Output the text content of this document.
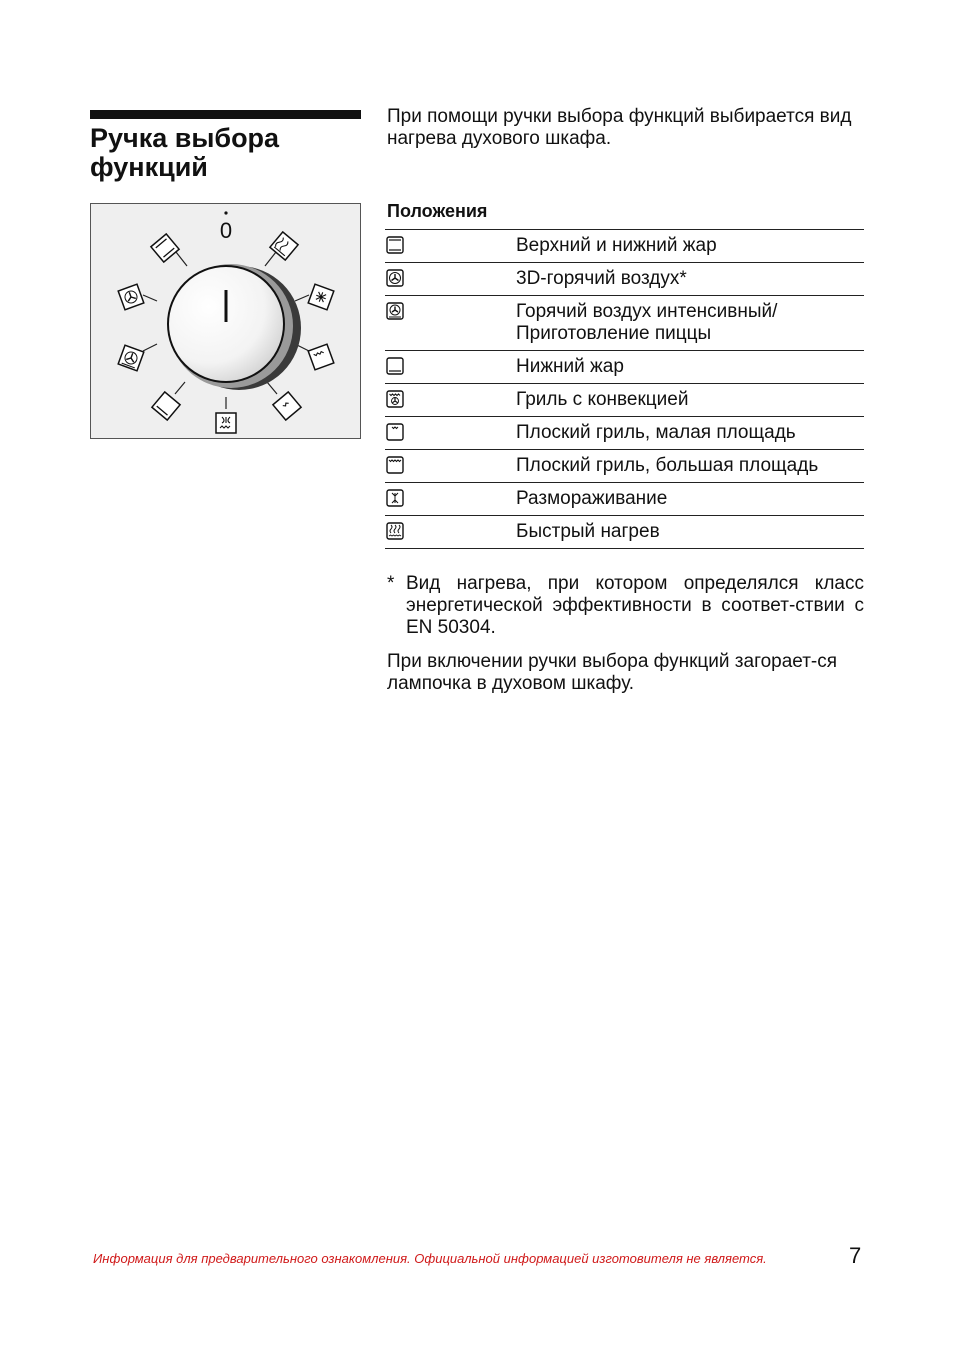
Ручка выбора
функций
0
При помощи ручки выбора функций выбирается вид нагрева духового шкафа.
Положения
Верхний и нижний жар
3D-горячий воздух*
Горячий воздух интенсивный/
Приготовление пиццы
Нижний жар
Гриль с конвекцией
Плоский гриль, малая площадь
Плоский гриль, большая площадь
Размораживание
Быстрый нагрев
* Вид нагрева, при котором определялся класс энергетической эффективности в соответ-ствии с EN 50304.
При включении ручки выбора функций загорает-ся лампочка в духовом шкафу.
Информация для предварительного ознакомления. Официальной информацией изготовителя не является.	7
